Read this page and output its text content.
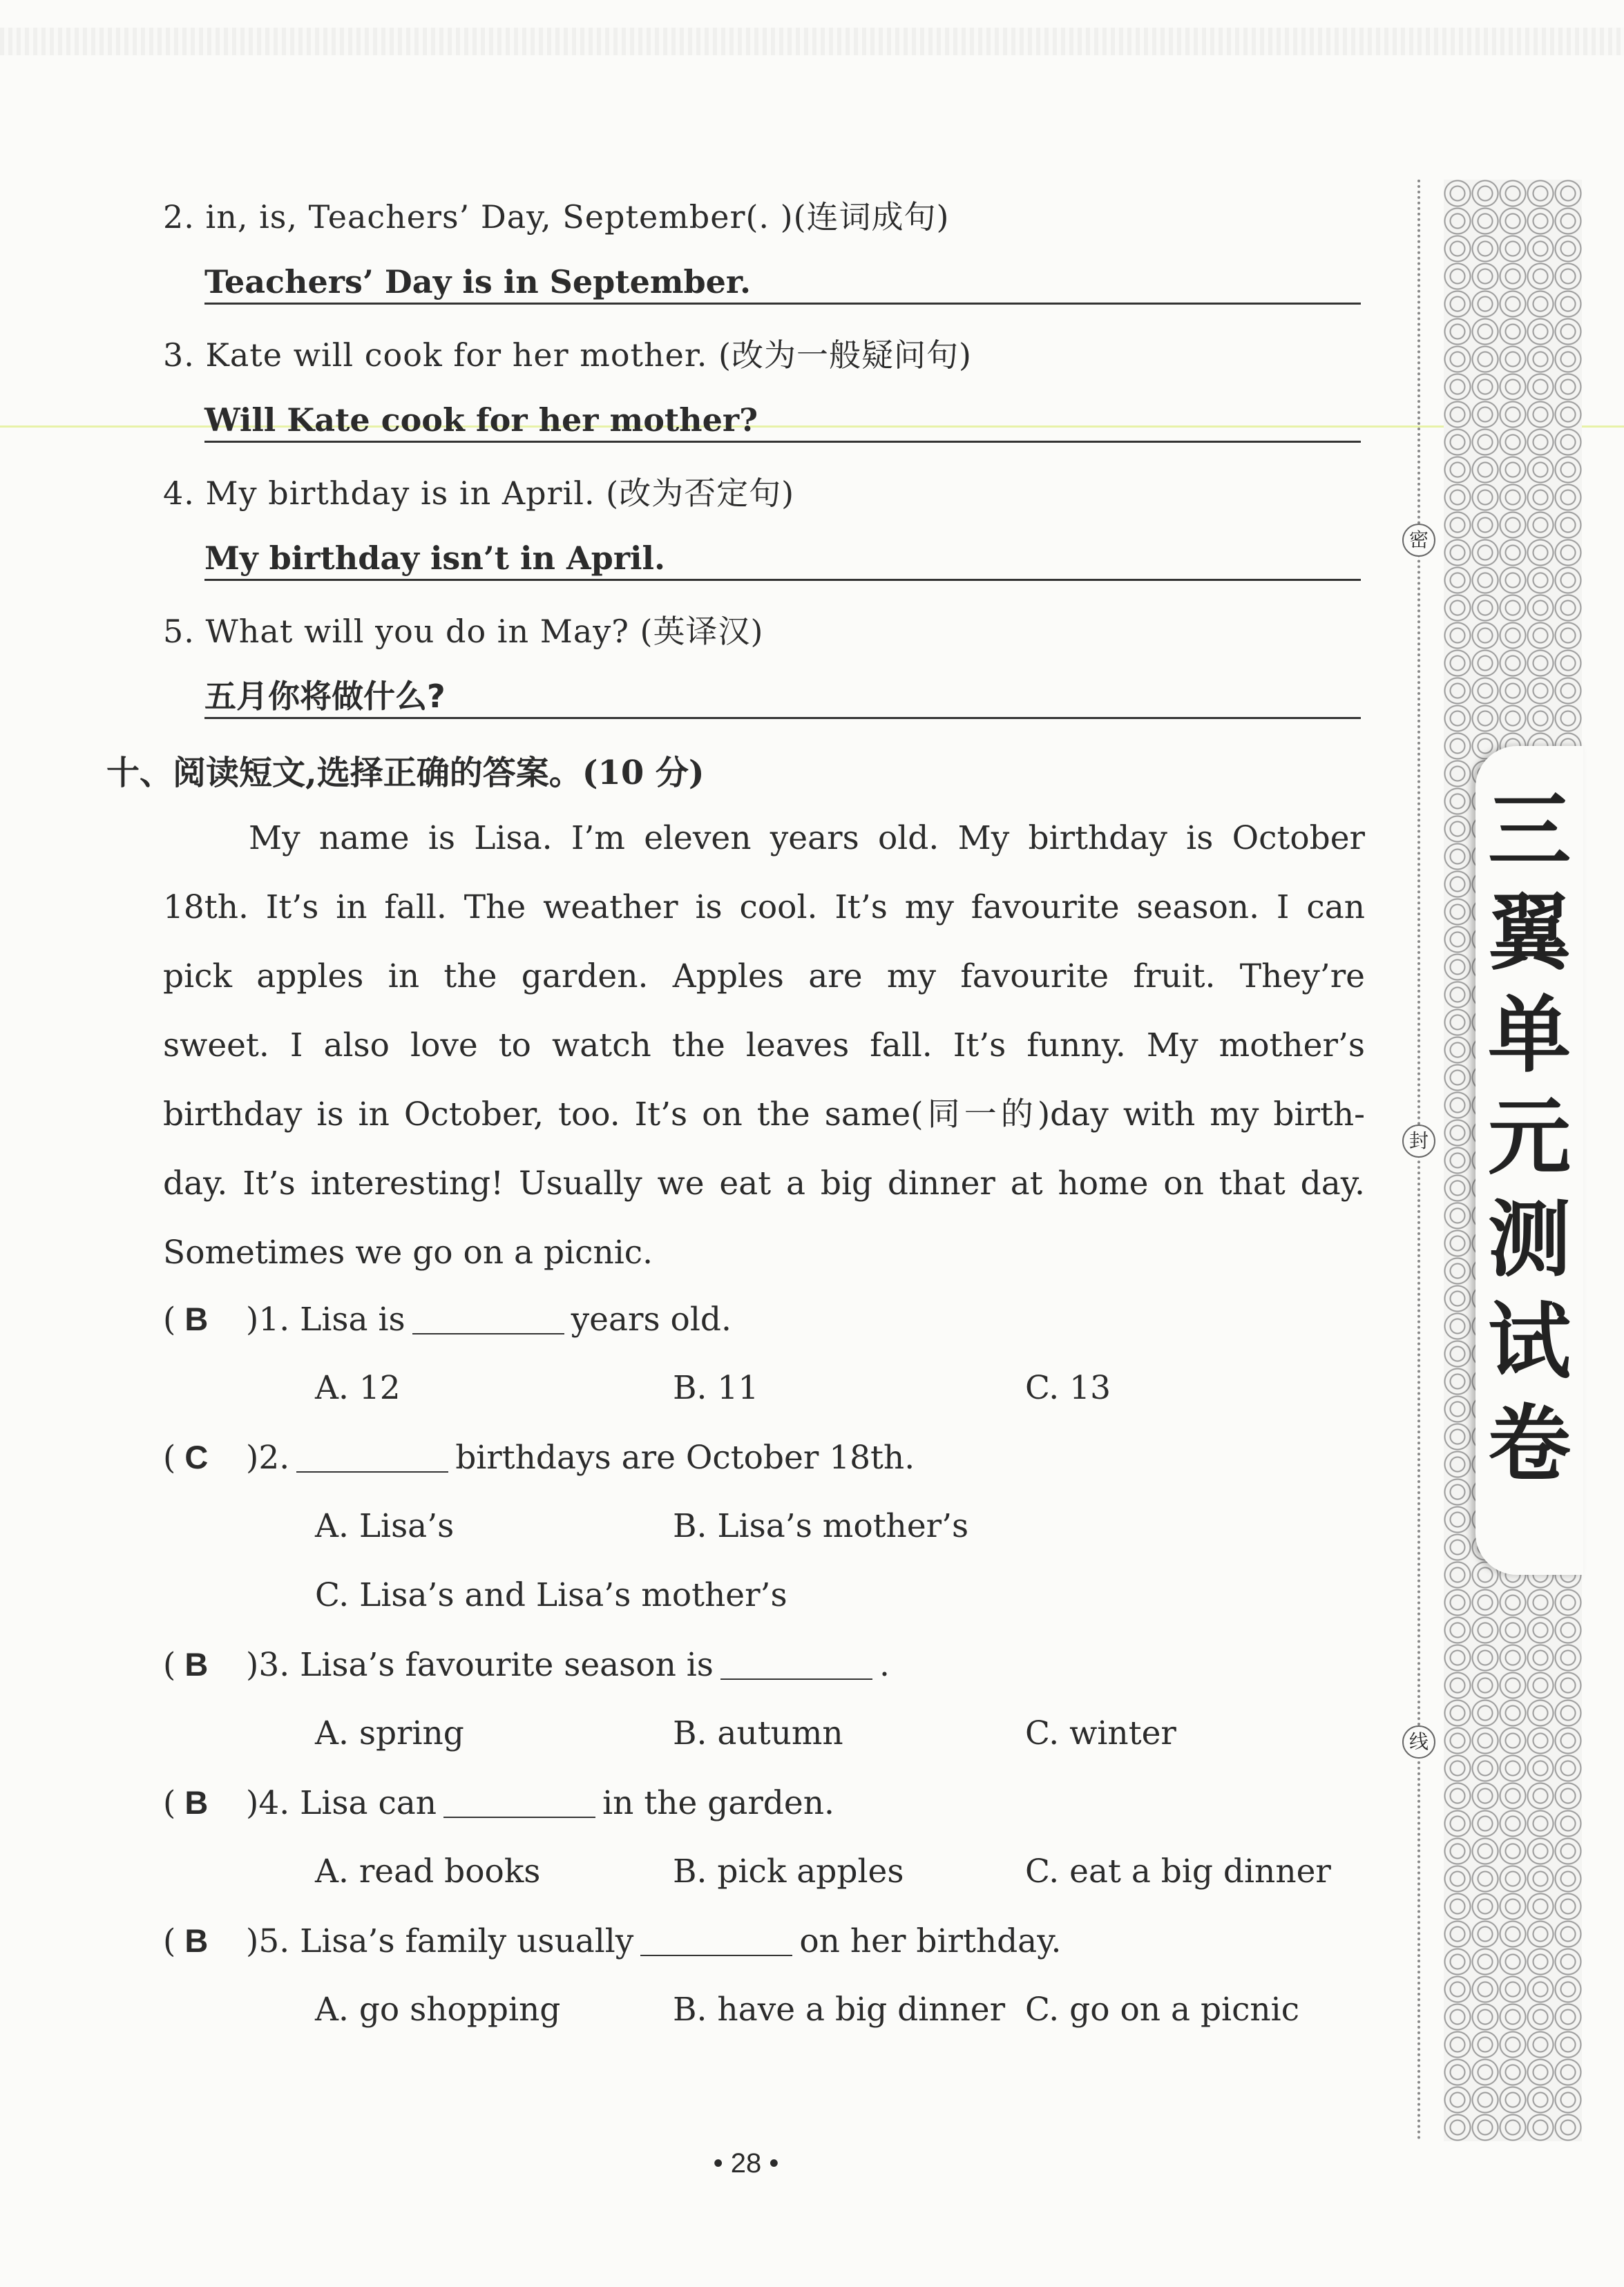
2. in, is, Teachers’ Day, September(. )(连词成句)
Teachers’ Day is in September.
3. Kate will cook for her mother. (改为一般疑问句)
Will Kate cook for her mother?
4. My birthday is in April. (改为否定句)
My birthday isn’t in April.
5. What will you do in May? (英译汉)
五月你将做什么?
十、阅读短文,选择正确的答案。(10 分)
My name is Lisa. I’m eleven years old. My birthday is October
18th. It’s in fall. The weather is cool. It’s my favourite season. I can
pick apples in the garden. Apples are my favourite fruit. They’re
sweet. I also love to watch the leaves fall. It’s funny. My mother’s
birthday is in October, too. It’s on the same(同一的)day with my birth-
day. It’s interesting! Usually we eat a big dinner at home on that day.
Sometimes we go on a picnic.
( B )1. Lisa is	years old.
A. 12	B. 11	C. 13
( C )2.	birthdays are October 18th.
A. Lisa’s	B. Lisa’s mother’s
C. Lisa’s and Lisa’s mother’s
( B )3. Lisa’s favourite season is	.
A. spring	B. autumn	C. winter
( B )4. Lisa can	in the garden.
A. read books	B. pick apples	C. eat a big dinner
( B )5. Lisa’s family usually	on her birthday.
A. go shopping	B. have a big dinner C. go on a picnic
• 28 •
密
封
线
三
翼
单
元
测
试
卷
